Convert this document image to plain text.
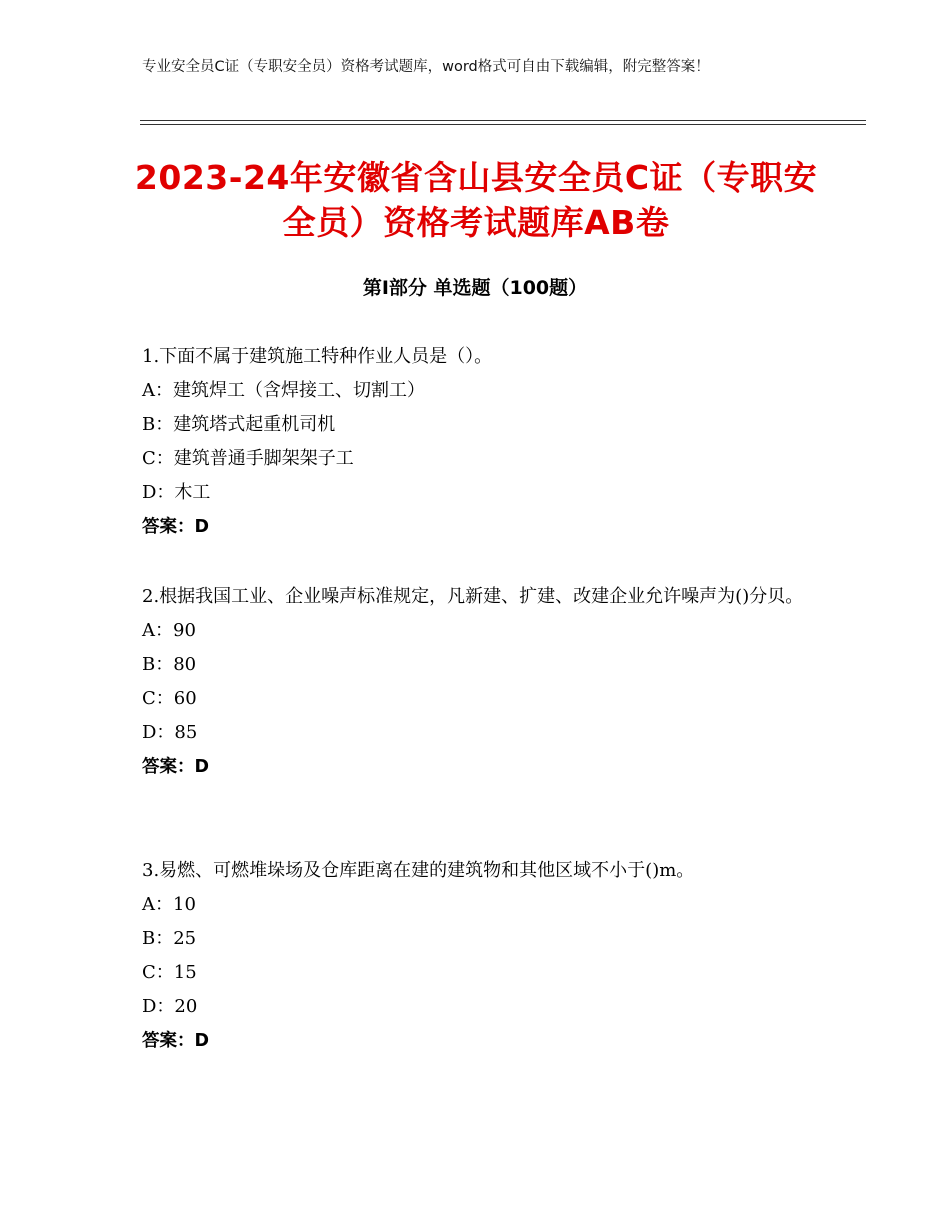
专业安全员C证（专职安全员）资格考试题库，word格式可自由下载编辑，附完整答案！
2023-24年安徽省含山县安全员C证（专职安全员）资格考试题库AB卷
第I部分 单选题（100题）
1.下面不属于建筑施工特种作业人员是（）。
A：建筑焊工（含焊接工、切割工）
B：建筑塔式起重机司机
C：建筑普通手脚架架子工
D：木工
答案：D
2.根据我国工业、企业噪声标准规定，凡新建、扩建、改建企业允许噪声为()分贝。
A：90
B：80
C：60
D：85
答案：D
3.易燃、可燃堆垛场及仓库距离在建的建筑物和其他区域不小于()m。
A：10
B：25
C：15
D：20
答案：D
